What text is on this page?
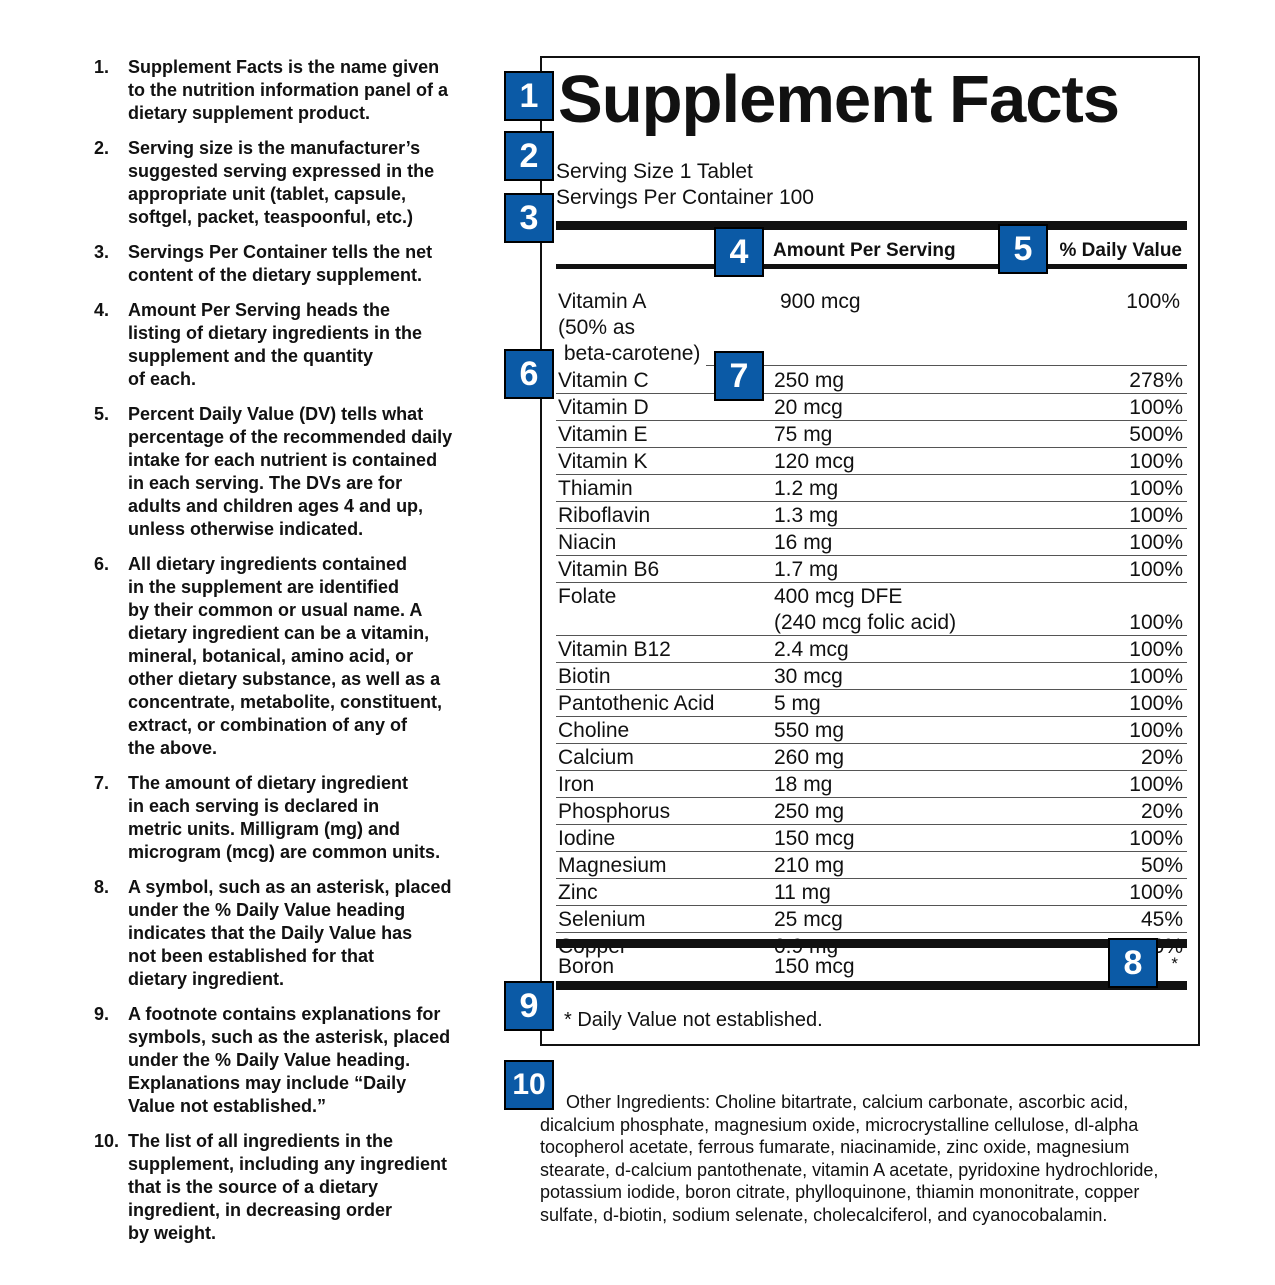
1. Supplement Facts is the name given
to the nutrition information panel of a
dietary supplement product.
2. Serving size is the manufacturer’s
suggested serving expressed in the
appropriate unit (tablet, capsule,
softgel, packet, teaspoonful, etc.)
3. Servings Per Container tells the net
content of the dietary supplement.
4. Amount Per Serving heads the
listing of dietary ingredients in the
supplement and the quantity
of each.
5. Percent Daily Value (DV) tells what
percentage of the recommended daily
intake for each nutrient is contained
in each serving. The DVs are for
adults and children ages 4 and up,
unless otherwise indicated.
6. All dietary ingredients contained
in the supplement are identified
by their common or usual name. A
dietary ingredient can be a vitamin,
mineral, botanical, amino acid, or
other dietary substance, as well as a
concentrate, metabolite, constituent,
extract, or combination of any of
the above.
7. The amount of dietary ingredient
in each serving is declared in
metric units. Milligram (mg) and
microgram (mcg) are common units.
8. A symbol, such as an asterisk, placed
under the % Daily Value heading
indicates that the Daily Value has
not been established for that
dietary ingredient.
9. A footnote contains explanations for
symbols, such as the asterisk, placed
under the % Daily Value heading.
Explanations may include “Daily
Value not established.”
10. The list of all ingredients in the
supplement, including any ingredient
that is the source of a dietary
ingredient, in decreasing order
by weight.
Supplement Facts
Serving Size 1 Tablet
Servings Per Container 100
Amount Per Serving	% Daily Value
Vitamin A
(50% as
beta-carotene)
900 mcg	100%
Vitamin C	250 mg	278%
Vitamin D	20 mcg	100%
Vitamin E	75 mg	500%
Vitamin K	120 mcg	100%
Thiamin	1.2 mg	100%
Riboflavin	1.3 mg	100%
Niacin	16 mg	100%
Vitamin B6	1.7 mg	100%
Folate	400 mcg DFE
(240 mcg folic acid)	100%
Vitamin B12	2.4 mcg	100%
Biotin	30 mcg	100%
Pantothenic Acid	5 mg	100%
Choline	550 mg	100%
Calcium	260 mg	20%
Iron	18 mg	100%
Phosphorus	250 mg	20%
Iodine	150 mcg	100%
Magnesium	210 mg	50%
Zinc	11 mg	100%
Selenium	25 mcg	45%
Boron	150 mcg	*
* Daily Value not established.
1
2
3
4	5
6	7
8
9
10
Other Ingredients: Choline bitartrate, calcium carbonate, ascorbic acid,
dicalcium phosphate, magnesium oxide, microcrystalline cellulose, dl-alpha
tocopherol acetate, ferrous fumarate, niacinamide, zinc oxide, magnesium
stearate, d-calcium pantothenate, vitamin A acetate, pyridoxine hydrochloride,
potassium iodide, boron citrate, phylloquinone, thiamin mononitrate, copper
sulfate, d-biotin, sodium selenate, cholecalciferol, and cyanocobalamin.
